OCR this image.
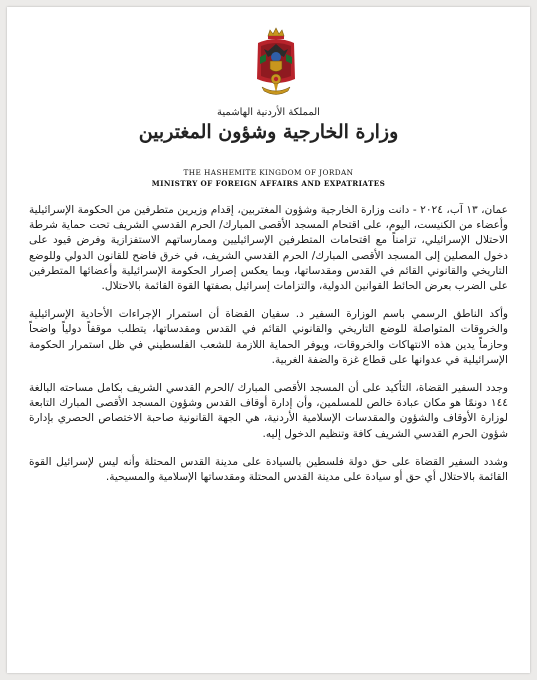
المملكة الأردنية الهاشمية
وزارة الخارجية وشؤون المغتربين
THE HASHEMITE KINGDOM OF JORDAN
MINISTRY OF FOREIGN AFFAIRS AND EXPATRIATES

عمان، ١٣ آب، ٢٠٢٤ - دانت وزارة الخارجية وشؤون المغتربين، إقدام وزيرين متطرفين من الحكومة الإسرائيلية وأعضاء من الكنيست، اليوم، على اقتحام المسجد الأقصى المبارك/ الحرم القدسي الشريف تحت حماية شرطة الاحتلال الإسرائيلي، تزامناً مع اقتحامات المتطرفين الإسرائيليين وممارساتهم الاستفزازية وفرض قيود على دخول المصلين إلى المسجد الأقصى المبارك/ الحرم القدسي الشريف، في خرق فاضح للقانون الدولي وللوضع التاريخي والقانوني القائم في القدس ومقدساتها، وبما يعكس إصرار الحكومة الإسرائيلية وأعضائها المتطرفين على الضرب بعرض الحائط القوانين الدولية، والتزامات إسرائيل بصفتها القوة القائمة بالاحتلال.

وأكد الناطق الرسمي باسم الوزارة السفير د. سفيان القضاة أن استمرار الإجراءات الأحادية الإسرائيلية والخروقات المتواصلة للوضع التاريخي والقانوني القائم في القدس ومقدساتها، يتطلب موقفاً دولياً واضحاً وحازماً يدين هذه الانتهاكات والخروقات، ويوفر الحماية اللازمة للشعب الفلسطيني في ظل استمرار الحكومة الإسرائيلية في عدوانها على قطاع غزة والضفة الغربية.

وجدد السفير القضاة، التأكيد على أن المسجد الأقصى المبارك /الحرم القدسي الشريف بكامل مساحته البالغة ١٤٤ دونمًا هو مكان عبادة خالص للمسلمين، وأن إدارة أوقاف القدس وشؤون المسجد الأقصى المبارك التابعة لوزارة الأوقاف والشؤون والمقدسات الإسلامية الأردنية، هي الجهة القانونية صاحبة الاختصاص الحصري بإدارة شؤون الحرم القدسي الشريف كافة وتنظيم الدخول إليه.

وشدد السفير القضاة على حق دولة فلسطين بالسيادة على مدينة القدس المحتلة وأنه ليس لإسرائيل القوة القائمة بالاحتلال أي حق أو سيادة على مدينة القدس المحتلة ومقدساتها الإسلامية والمسيحية.
